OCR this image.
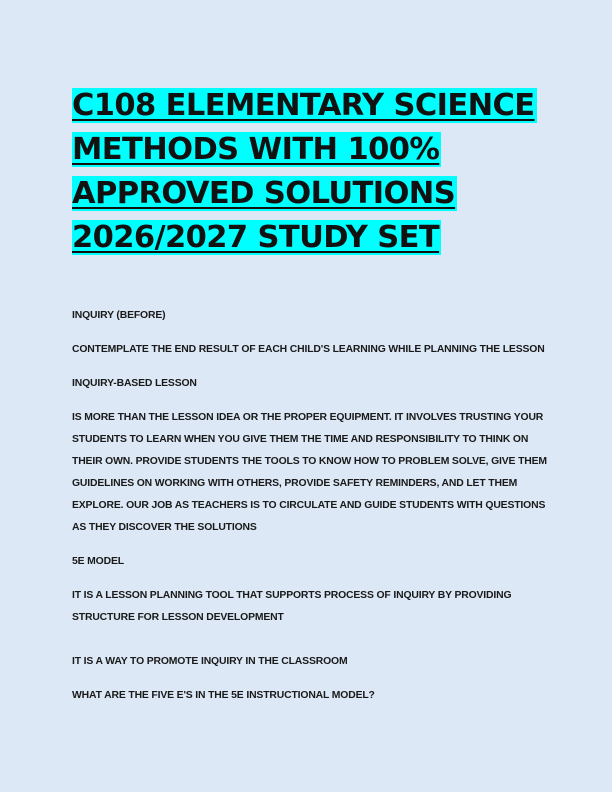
C108 ELEMENTARY SCIENCE
METHODS WITH 100%
APPROVED SOLUTIONS
2026/2027 STUDY SET

INQUIRY (BEFORE)

CONTEMPLATE THE END RESULT OF EACH CHILD'S LEARNING WHILE PLANNING THE LESSON

INQUIRY-BASED LESSON

IS MORE THAN THE LESSON IDEA OR THE PROPER EQUIPMENT. IT INVOLVES TRUSTING YOUR STUDENTS TO LEARN WHEN YOU GIVE THEM THE TIME AND RESPONSIBILITY TO THINK ON THEIR OWN. PROVIDE STUDENTS THE TOOLS TO KNOW HOW TO PROBLEM SOLVE, GIVE THEM GUIDELINES ON WORKING WITH OTHERS, PROVIDE SAFETY REMINDERS, AND LET THEM EXPLORE. OUR JOB AS TEACHERS IS TO CIRCULATE AND GUIDE STUDENTS WITH QUESTIONS AS THEY DISCOVER THE SOLUTIONS

5E MODEL

IT IS A LESSON PLANNING TOOL THAT SUPPORTS PROCESS OF INQUIRY BY PROVIDING STRUCTURE FOR LESSON DEVELOPMENT

IT IS A WAY TO PROMOTE INQUIRY IN THE CLASSROOM

WHAT ARE THE FIVE E'S IN THE 5E INSTRUCTIONAL MODEL?
